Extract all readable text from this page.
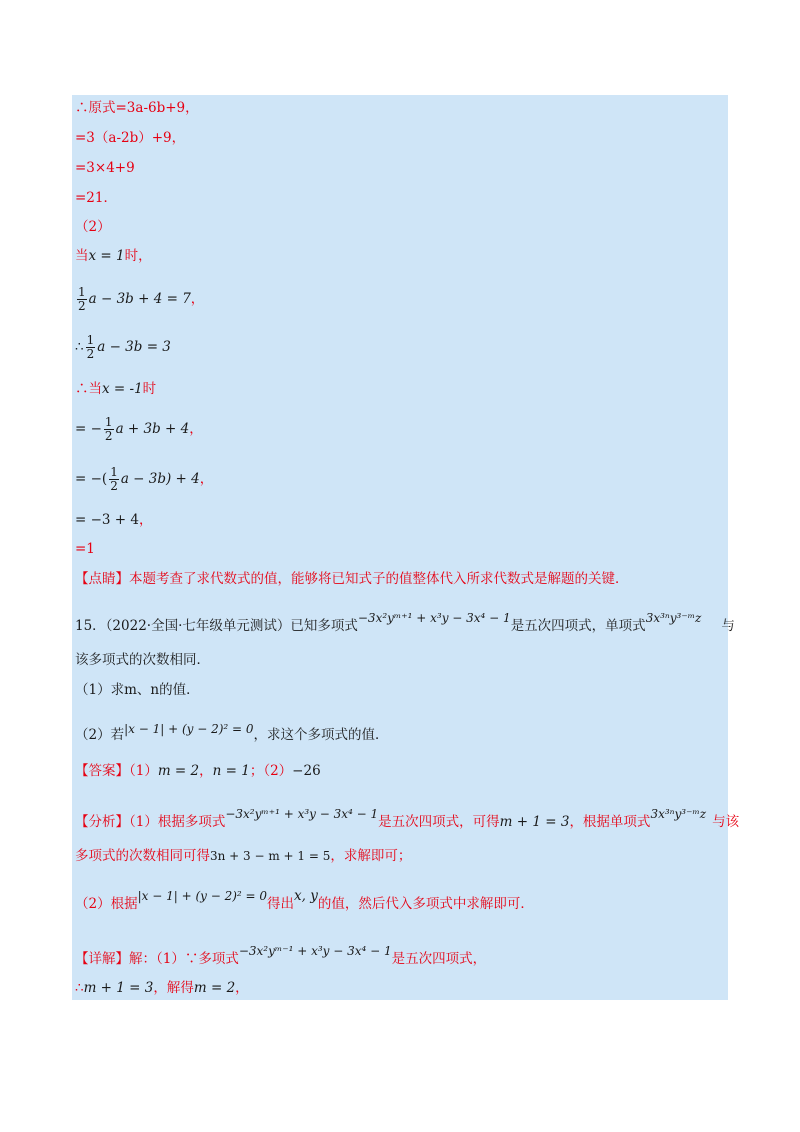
∴原式=3a-6b+9，
=3（a-2b）+9，
=3×4+9
=21．
（2）
当x = 1时，
$\frac{1}{2}$ a − 3b + 4 = 7，
∴ $\frac{1}{2}$ a − 3b = 3
∴当x = -1时
= − $\frac{1}{2}$ a + 3b + 4，
= −( $\frac{1}{2}$ a − 3b) + 4，
= −3 + 4，
=1
【点睛】本题考查了求代数式的值，能够将已知式子的值整体代入所求代数式是解题的关键．
15．（2022·全国·七年级单元测试）已知多项式−3x²yᵐ⁺¹ + x³y − 3x⁴ − 1是五次四项式，单项式3x³ⁿy³⁻ᵐz 与
该多项式的次数相同．
（1）求m、n的值．
（2）若|x − 1| + (y − 2)² = 0，求这个多项式的值．
【答案】（1）m = 2，n = 1；（2）−26
【分析】（1）根据多项式−3x²yᵐ⁺¹ + x³y − 3x⁴ − 1是五次四项式，可得m + 1 = 3，根据单项式3x³ⁿy³⁻ᵐz 与该
多项式的次数相同可得3n + 3 − m + 1 = 5，求解即可；
（2）根据|x − 1| + (y − 2)² = 0得出x, y的值，然后代入多项式中求解即可．
【详解】解：（1）∵多项式−3x²yᵐ⁻¹ + x³y − 3x⁴ − 1是五次四项式，
∴m + 1 = 3，解得m = 2，
